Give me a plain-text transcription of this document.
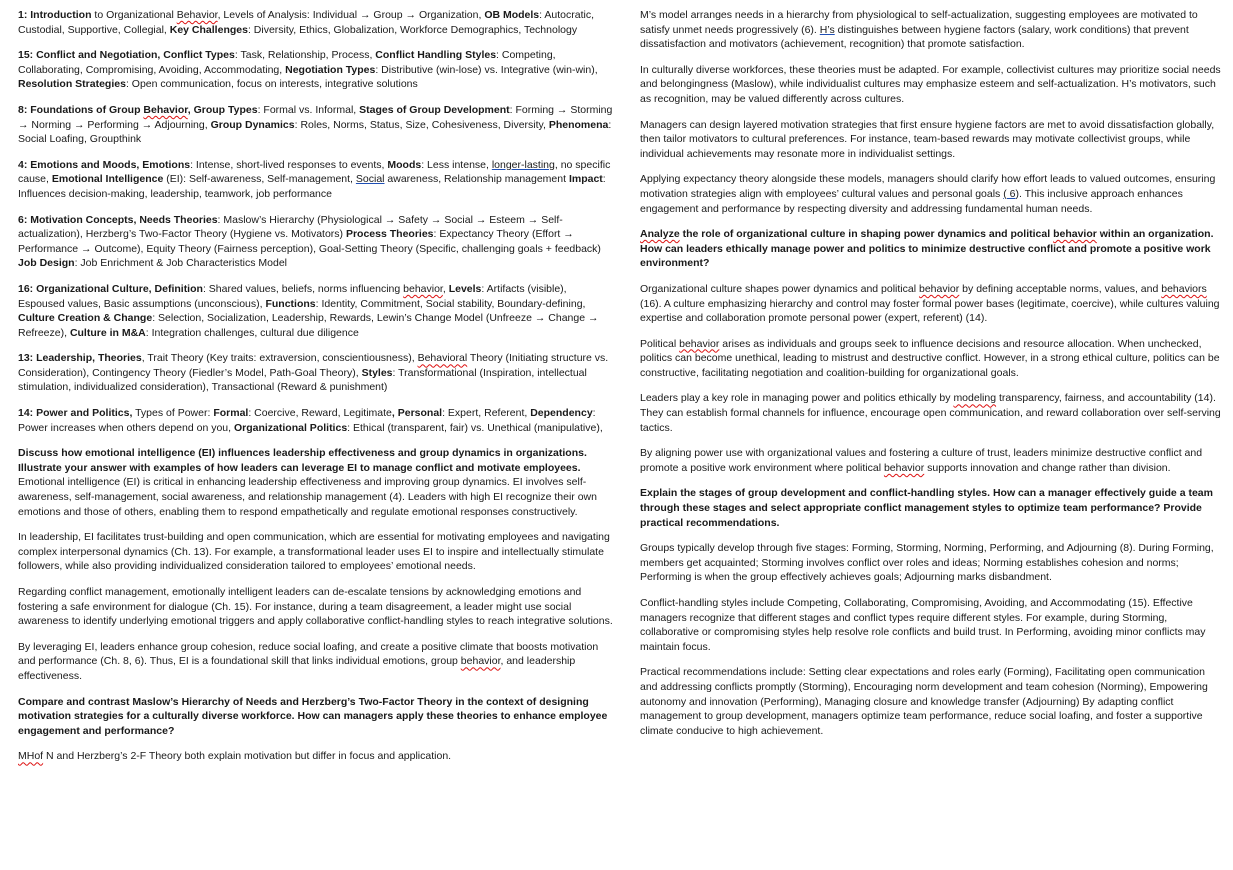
1: Introduction to Organizational Behavior, Levels of Analysis: Individual → Group → Organization, OB Models: Autocratic, Custodial, Supportive, Collegial, Key Challenges: Diversity, Ethics, Globalization, Workforce Demographics, Technology

15: Conflict and Negotiation, Conflict Types: Task, Relationship, Process, Conflict Handling Styles: Competing, Collaborating, Compromising, Avoiding, Accommodating, Negotiation Types: Distributive (win-lose) vs. Integrative (win-win), Resolution Strategies: Open communication, focus on interests, integrative solutions

8: Foundations of Group Behavior, Group Types: Formal vs. Informal, Stages of Group Development: Forming → Storming → Norming → Performing → Adjourning, Group Dynamics: Roles, Norms, Status, Size, Cohesiveness, Diversity, Phenomena: Social Loafing, Groupthink

4: Emotions and Moods, Emotions: Intense, short-lived responses to events, Moods: Less intense, longer-lasting, no specific cause, Emotional Intelligence (EI): Self-awareness, Self-management, Social awareness, Relationship management Impact: Influences decision-making, leadership, teamwork, job performance

6: Motivation Concepts, Needs Theories: Maslow’s Hierarchy (Physiological → Safety → Social → Esteem → Self-actualization), Herzberg’s Two-Factor Theory (Hygiene vs. Motivators) Process Theories: Expectancy Theory (Effort → Performance → Outcome), Equity Theory (Fairness perception), Goal-Setting Theory (Specific, challenging goals + feedback) Job Design: Job Enrichment & Job Characteristics Model

16: Organizational Culture, Definition: Shared values, beliefs, norms influencing behavior, Levels: Artifacts (visible), Espoused values, Basic assumptions (unconscious), Functions: Identity, Commitment, Social stability, Boundary-defining, Culture Creation & Change: Selection, Socialization, Leadership, Rewards, Lewin’s Change Model (Unfreeze → Change → Refreeze), Culture in M&A: Integration challenges, cultural due diligence

13: Leadership, Theories, Trait Theory (Key traits: extraversion, conscientiousness), Behavioral Theory (Initiating structure vs. Consideration), Contingency Theory (Fiedler’s Model, Path-Goal Theory), Styles: Transformational (Inspiration, intellectual stimulation, individualized consideration), Transactional (Reward & punishment)

14: Power and Politics, Types of Power: Formal: Coercive, Reward, Legitimate, Personal: Expert, Referent, Dependency: Power increases when others depend on you, Organizational Politics: Ethical (transparent, fair) vs. Unethical (manipulative),

Discuss how emotional intelligence (EI) influences leadership effectiveness and group dynamics in organizations. Illustrate your answer with examples of how leaders can leverage EI to manage conflict and motivate employees. Emotional intelligence (EI) is critical in enhancing leadership effectiveness and improving group dynamics. EI involves self-awareness, self-management, social awareness, and relationship management (4). Leaders with high EI recognize their own emotions and those of others, enabling them to respond empathetically and regulate emotional responses constructively.

In leadership, EI facilitates trust-building and open communication, which are essential for motivating employees and navigating complex interpersonal dynamics (Ch. 13). For example, a transformational leader uses EI to inspire and intellectually stimulate followers, while also providing individualized consideration tailored to employees’ emotional needs.

Regarding conflict management, emotionally intelligent leaders can de-escalate tensions by acknowledging emotions and fostering a safe environment for dialogue (Ch. 15). For instance, during a team disagreement, a leader might use social awareness to identify underlying emotional triggers and apply collaborative conflict-handling styles to reach integrative solutions.

By leveraging EI, leaders enhance group cohesion, reduce social loafing, and create a positive climate that boosts motivation and performance (Ch. 8, 6). Thus, EI is a foundational skill that links individual emotions, group behavior, and leadership effectiveness.

Compare and contrast Maslow’s Hierarchy of Needs and Herzberg’s Two-Factor Theory in the context of designing motivation strategies for a culturally diverse workforce. How can managers apply these theories to enhance employee engagement and performance?

MHof N and Herzberg’s 2-F Theory both explain motivation but differ in focus and application.

M’s model arranges needs in a hierarchy from physiological to self-actualization, suggesting employees are motivated to satisfy unmet needs progressively (6). H’s distinguishes between hygiene factors (salary, work conditions) that prevent dissatisfaction and motivators (achievement, recognition) that promote satisfaction.

In culturally diverse workforces, these theories must be adapted. For example, collectivist cultures may prioritize social needs and belongingness (Maslow), while individualist cultures may emphasize esteem and self-actualization. H’s motivators, such as recognition, may be valued differently across cultures.

Managers can design layered motivation strategies that first ensure hygiene factors are met to avoid dissatisfaction globally, then tailor motivators to cultural preferences. For instance, team-based rewards may motivate collectivist groups, while individual achievements may resonate more in individualist settings.

Applying expectancy theory alongside these models, managers should clarify how effort leads to valued outcomes, ensuring motivation strategies align with employees’ cultural values and personal goals ( 6). This inclusive approach enhances engagement and performance by respecting diversity and addressing fundamental human needs.

Analyze the role of organizational culture in shaping power dynamics and political behavior within an organization. How can leaders ethically manage power and politics to minimize destructive conflict and promote a positive work environment?

Organizational culture shapes power dynamics and political behavior by defining acceptable norms, values, and behaviors (16). A culture emphasizing hierarchy and control may foster formal power bases (legitimate, coercive), while cultures valuing expertise and collaboration promote personal power (expert, referent) (14).

Political behavior arises as individuals and groups seek to influence decisions and resource allocation. When unchecked, politics can become unethical, leading to mistrust and destructive conflict. However, in a strong ethical culture, politics can be constructive, facilitating negotiation and coalition-building for organizational goals.

Leaders play a key role in managing power and politics ethically by modeling transparency, fairness, and accountability (14). They can establish formal channels for influence, encourage open communication, and reward collaboration over self-serving tactics.

By aligning power use with organizational values and fostering a culture of trust, leaders minimize destructive conflict and promote a positive work environment where political behavior supports innovation and change rather than division.

Explain the stages of group development and conflict-handling styles. How can a manager effectively guide a team through these stages and select appropriate conflict management styles to optimize team performance? Provide practical recommendations.

Groups typically develop through five stages: Forming, Storming, Norming, Performing, and Adjourning (8). During Forming, members get acquainted; Storming involves conflict over roles and ideas; Norming establishes cohesion and norms; Performing is when the group effectively achieves goals; Adjourning marks disbandment.

Conflict-handling styles include Competing, Collaborating, Compromising, Avoiding, and Accommodating (15). Effective managers recognize that different stages and conflict types require different styles. For example, during Storming, collaborative or compromising styles help resolve role conflicts and build trust. In Performing, avoiding minor conflicts may maintain focus.

Practical recommendations include: Setting clear expectations and roles early (Forming), Facilitating open communication and addressing conflicts promptly (Storming), Encouraging norm development and team cohesion (Norming), Empowering autonomy and innovation (Performing), Managing closure and knowledge transfer (Adjourning) By adapting conflict management to group development, managers optimize team performance, reduce social loafing, and foster a supportive climate conducive to high achievement.
